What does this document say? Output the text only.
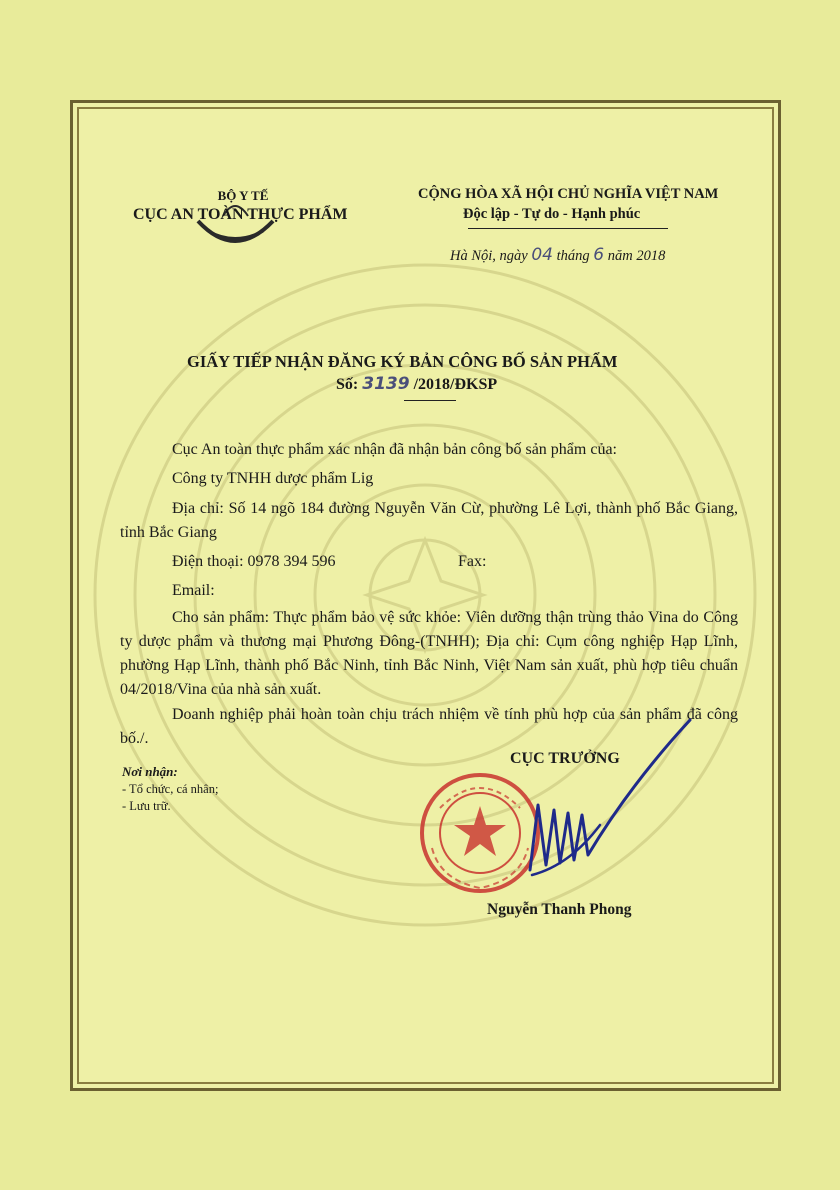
BỘ Y TẾ
CỤC AN TOÀN THỰC PHẨM
CỘNG HÒA XÃ HỘI CHỦ NGHĨA VIỆT NAM
Độc lập - Tự do - Hạnh phúc
Hà Nội, ngày 04 tháng 6 năm 2018
GIẤY TIẾP NHẬN ĐĂNG KÝ BẢN CÔNG BỐ SẢN PHẨM
Số: 3139 /2018/ĐKSP
Cục An toàn thực phẩm xác nhận đã nhận bản công bố sản phẩm của:
Công ty TNHH dược phẩm Lig
Địa chỉ: Số 14 ngõ 184 đường Nguyễn Văn Cừ, phường Lê Lợi, thành phố Bắc Giang, tỉnh Bắc Giang
Điện thoại: 0978 394 596	Fax:
Email:
Cho sản phẩm: Thực phẩm bảo vệ sức khỏe: Viên dưỡng thận trùng thảo Vina do Công ty dược phẩm và thương mại Phương Đông-(TNHH); Địa chỉ: Cụm công nghiệp Hạp Lĩnh, phường Hạp Lĩnh, thành phố Bắc Ninh, tỉnh Bắc Ninh, Việt Nam sản xuất, phù hợp tiêu chuẩn 04/2018/Vina của nhà sản xuất.
Doanh nghiệp phải hoàn toàn chịu trách nhiệm về tính phù hợp của sản phẩm đã công bố./.
Nơi nhận:
- Tổ chức, cá nhân;
- Lưu trữ.
CỤC TRƯỞNG
Nguyễn Thanh Phong
